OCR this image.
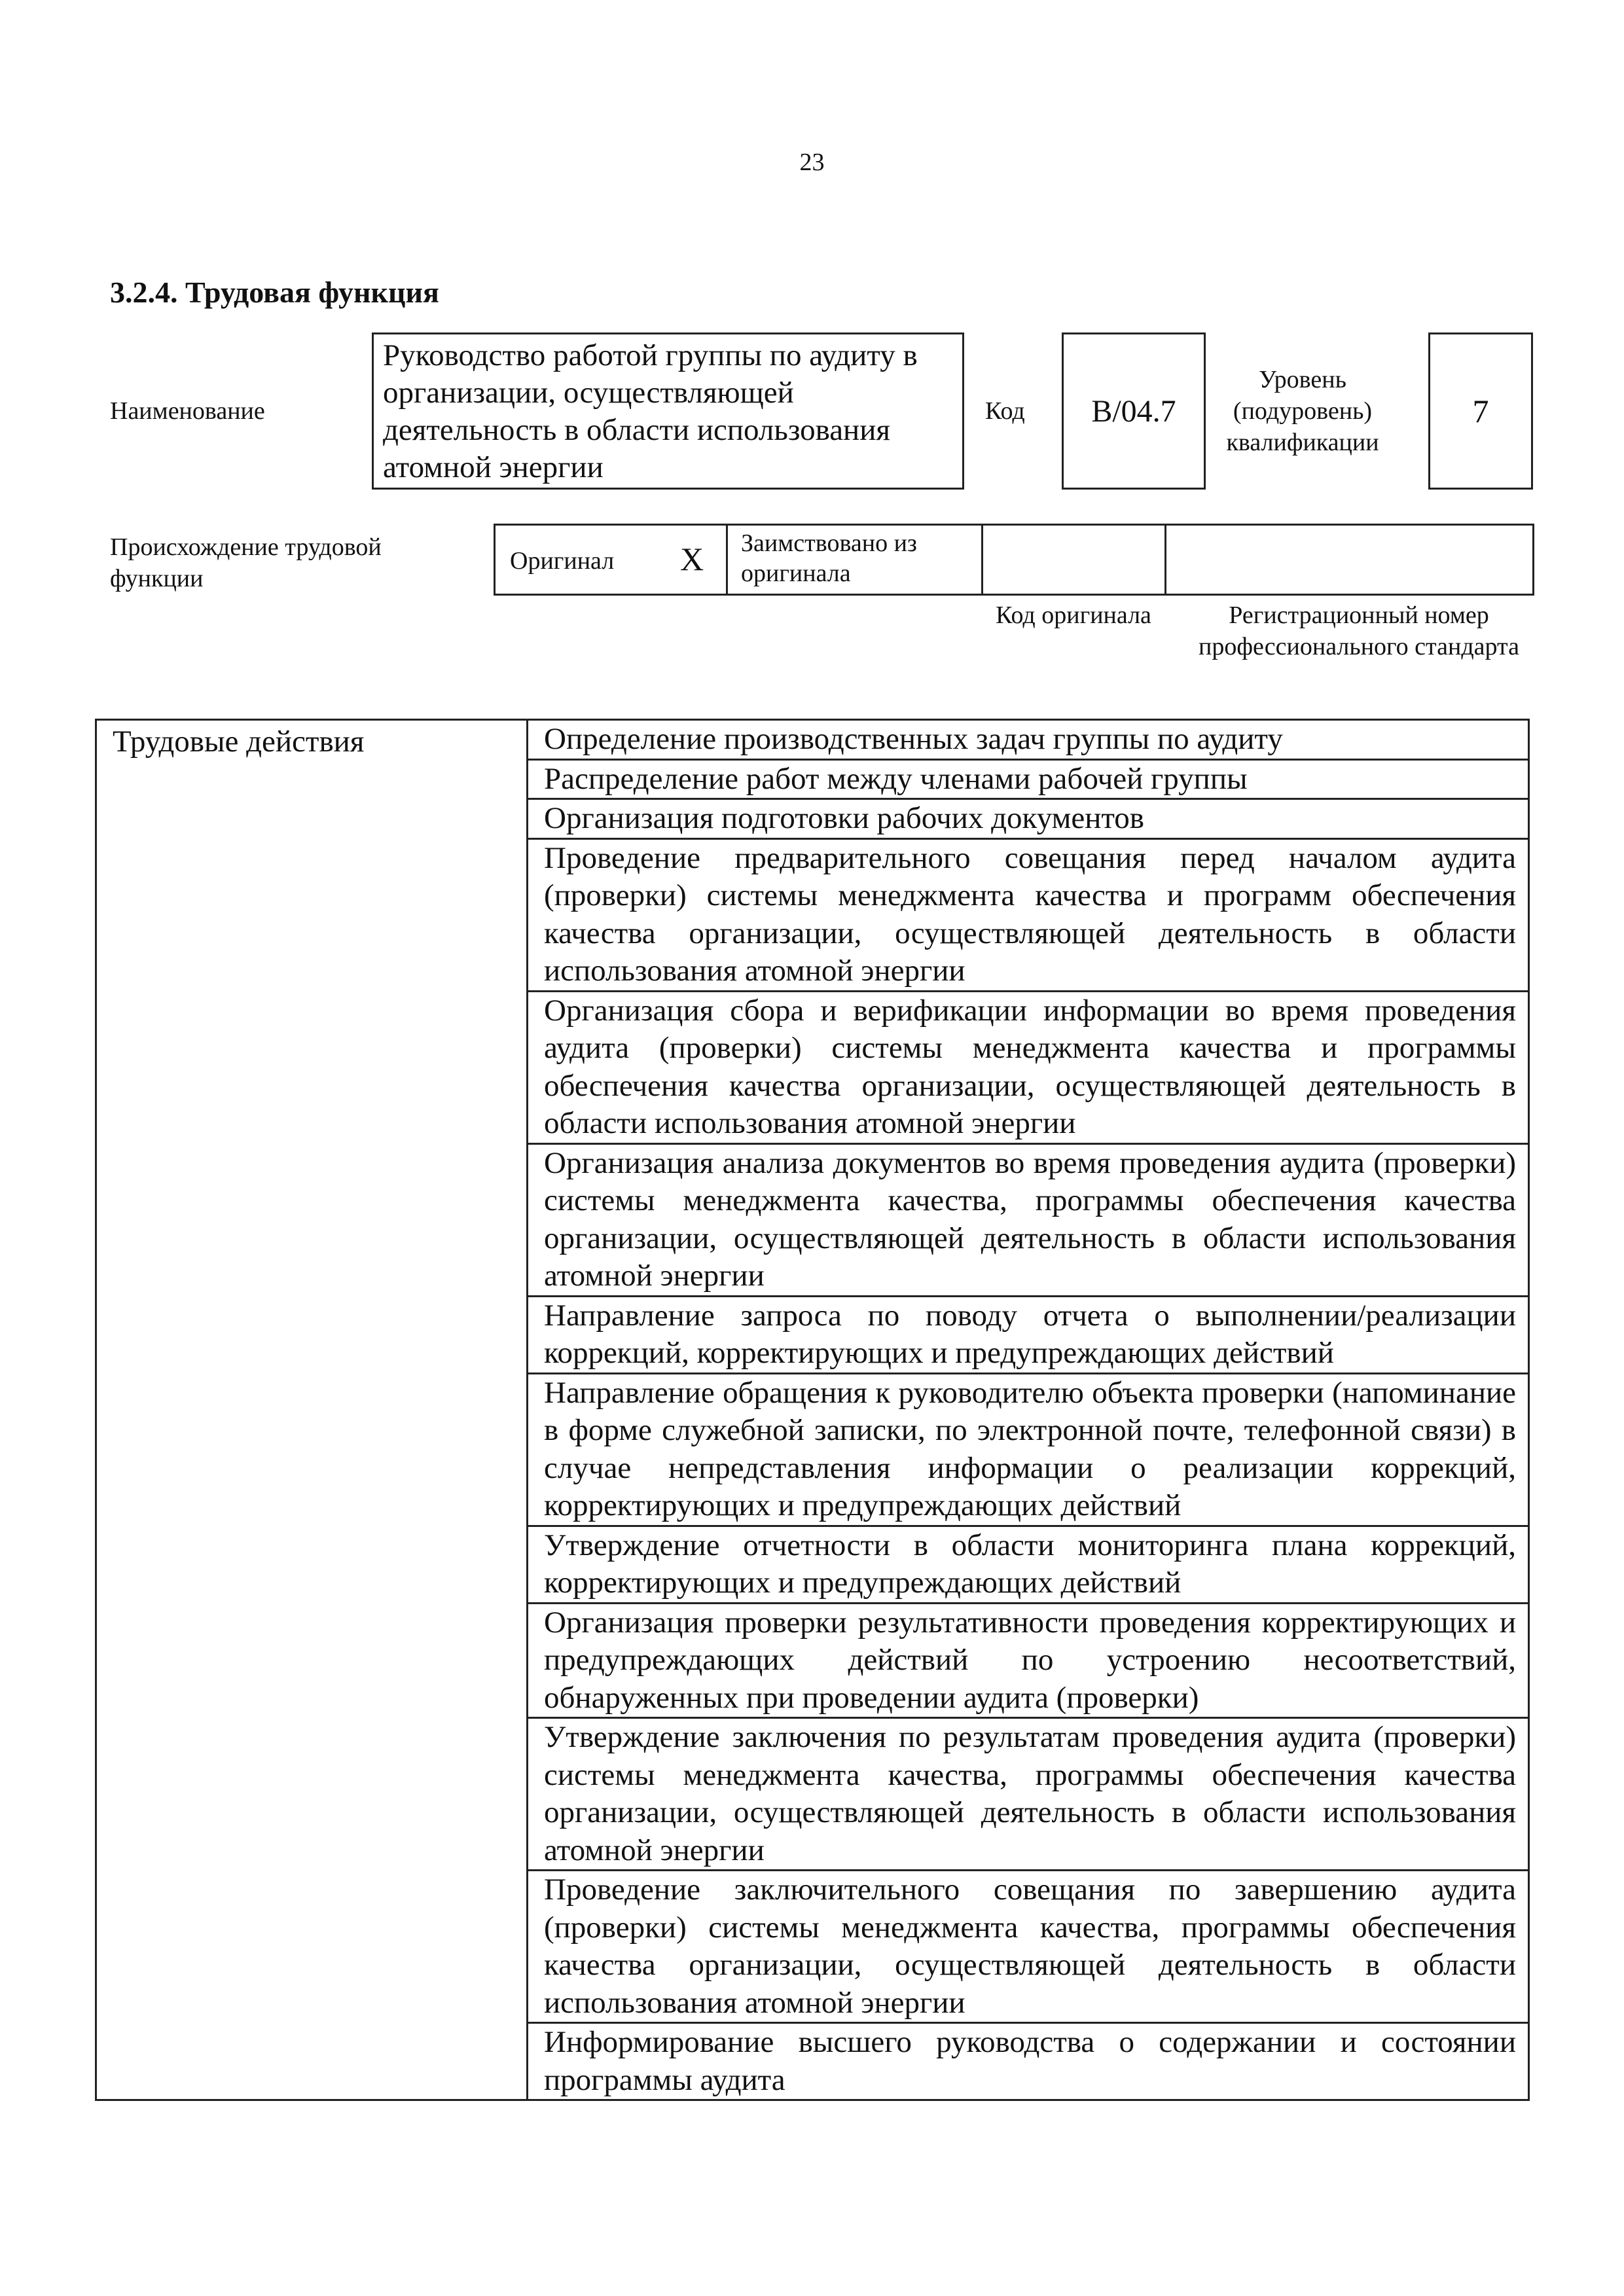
23
3.2.4. Трудовая функция
Наименование
Руководство работой группы по аудиту в организации, осуществляющей деятельность в области использования атомной энергии
Код	B/04.7
Уровень (подуровень) квалификации
7
Происхождение трудовой функции
Оригинал X	Заимствовано из оригинала
Код оригинала	Регистрационный номер профессионального стандарта
Трудовые действия	Определение производственных задач группы по аудиту
Распределение работ между членами рабочей группы
Организация подготовки рабочих документов
Проведение предварительного совещания перед началом аудита (проверки) системы менеджмента качества и программ обеспечения качества организации, осуществляющей деятельность в области использования атомной энергии
Организация сбора и верификации информации во время проведения аудита (проверки) системы менеджмента качества и программы обеспечения качества организации, осуществляющей деятельность в области использования атомной энергии
Организация анализа документов во время проведения аудита (проверки) системы менеджмента качества, программы обеспечения качества организации, осуществляющей деятельность в области использования атомной энергии
Направление запроса по поводу отчета о выполнении/реализации коррекций, корректирующих и предупреждающих действий
Направление обращения к руководителю объекта проверки (напоминание в форме служебной записки, по электронной почте, телефонной связи) в случае непредставления информации о реализации коррекций, корректирующих и предупреждающих действий
Утверждение отчетности в области мониторинга плана коррекций, корректирующих и предупреждающих действий
Организация проверки результативности проведения корректирующих и предупреждающих действий по устроению несоответствий, обнаруженных при проведении аудита (проверки)
Утверждение заключения по результатам проведения аудита (проверки) системы менеджмента качества, программы обеспечения качества организации, осуществляющей деятельность в области использования атомной энергии
Проведение заключительного совещания по завершению аудита (проверки) системы менеджмента качества, программы обеспечения качества организации, осуществляющей деятельность в области использования атомной энергии
Информирование высшего руководства о содержании и состоянии программы аудита
